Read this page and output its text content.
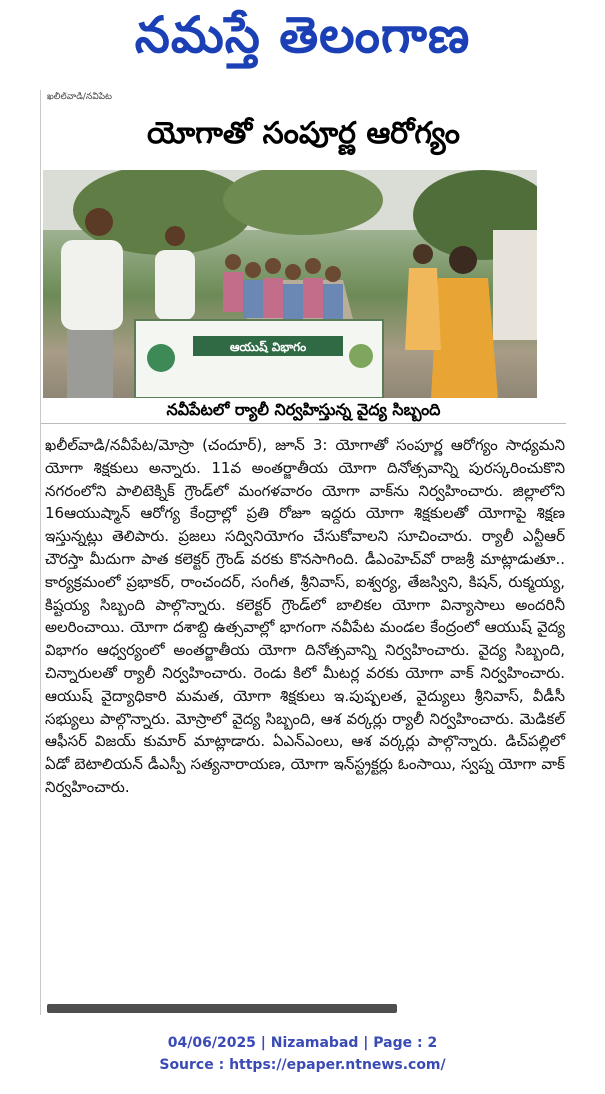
నమస్తే తెలంగాణ
ఖలీల్‌వాడి/నవీపేట
యోగాతో సంపూర్ణ ఆరోగ్యం
ఆయుష్ విభాగం
నవీపేటలో ర్యాలీ నిర్వహిస్తున్న వైద్య సిబ్బంది
ఖలీల్‌వాడి/నవీపేట/మోస్రా (చందూర్), జూన్ 3: యోగాతో సంపూర్ణ ఆరోగ్యం సాధ్యమని యోగా శిక్షకులు అన్నారు. 11వ అంతర్జాతీయ యోగా దినోత్సవాన్ని పురస్కరించుకొని నగరంలోని పాలిటెక్నిక్ గ్రౌండ్‌లో మంగళవారం యోగా వాక్‌ను నిర్వహించారు. జిల్లాలోని 16ఆయుష్మాన్ ఆరోగ్య కేంద్రాల్లో ప్రతి రోజూ ఇద్దరు యోగా శిక్షకులతో యోగాపై శిక్షణ ఇస్తున్నట్లు తెలిపారు. ప్రజలు సద్వినియోగం చేసుకోవాలని సూచించారు. ర్యాలీ ఎన్టీఆర్ చౌరస్తా మీదుగా పాత కలెక్టర్ గ్రౌండ్ వరకు కొనసాగింది. డీఎంహెచ్‌వో రాజశ్రీ మాట్లాడుతూ.. కార్యక్రమంలో ప్రభాకర్, రాంచందర్, సంగీత, శ్రీనివాస్, ఐశ్వర్య, తేజస్విని, కిషన్, రుక్మయ్య, కిష్టయ్య సిబ్బంది పాల్గొన్నారు. కలెక్టర్ గ్రౌండ్‌లో బాలికల యోగా విన్యాసాలు అందరినీ అలరించాయి. యోగా దశాబ్ది ఉత్సవాల్లో భాగంగా నవీపేట మండల కేంద్రంలో ఆయుష్ వైద్య విభాగం ఆధ్వర్యంలో అంతర్జాతీయ యోగా దినోత్సవాన్ని నిర్వహించారు. వైద్య సిబ్బంది, చిన్నారులతో ర్యాలీ నిర్వహించారు. రెండు కిలో మీటర్ల వరకు యోగా వాక్ నిర్వహించారు. ఆయుష్ వైద్యాధికారి మమత, యోగా శిక్షకులు ఇ.పుష్పలత, వైద్యులు శ్రీనివాస్, వీడీసీ సభ్యులు పాల్గొన్నారు. మోస్రాలో వైద్య సిబ్బంది, ఆశ వర్కర్లు ర్యాలీ నిర్వహించారు. మెడికల్ ఆఫీసర్ విజయ్ కుమార్ మాట్లాడారు. ఏఎన్ఎంలు, ఆశ వర్కర్లు పాల్గొన్నారు. డిచ్‌పల్లిలో ఏడో బెటాలియన్ డీఎస్పీ సత్యనారాయణ, యోగా ఇన్‌స్ట్రక్టర్లు ఓంసాయి, స్వప్న యోగా వాక్ నిర్వహించారు.
04/06/2025 | Nizamabad | Page : 2
Source : https://epaper.ntnews.com/
